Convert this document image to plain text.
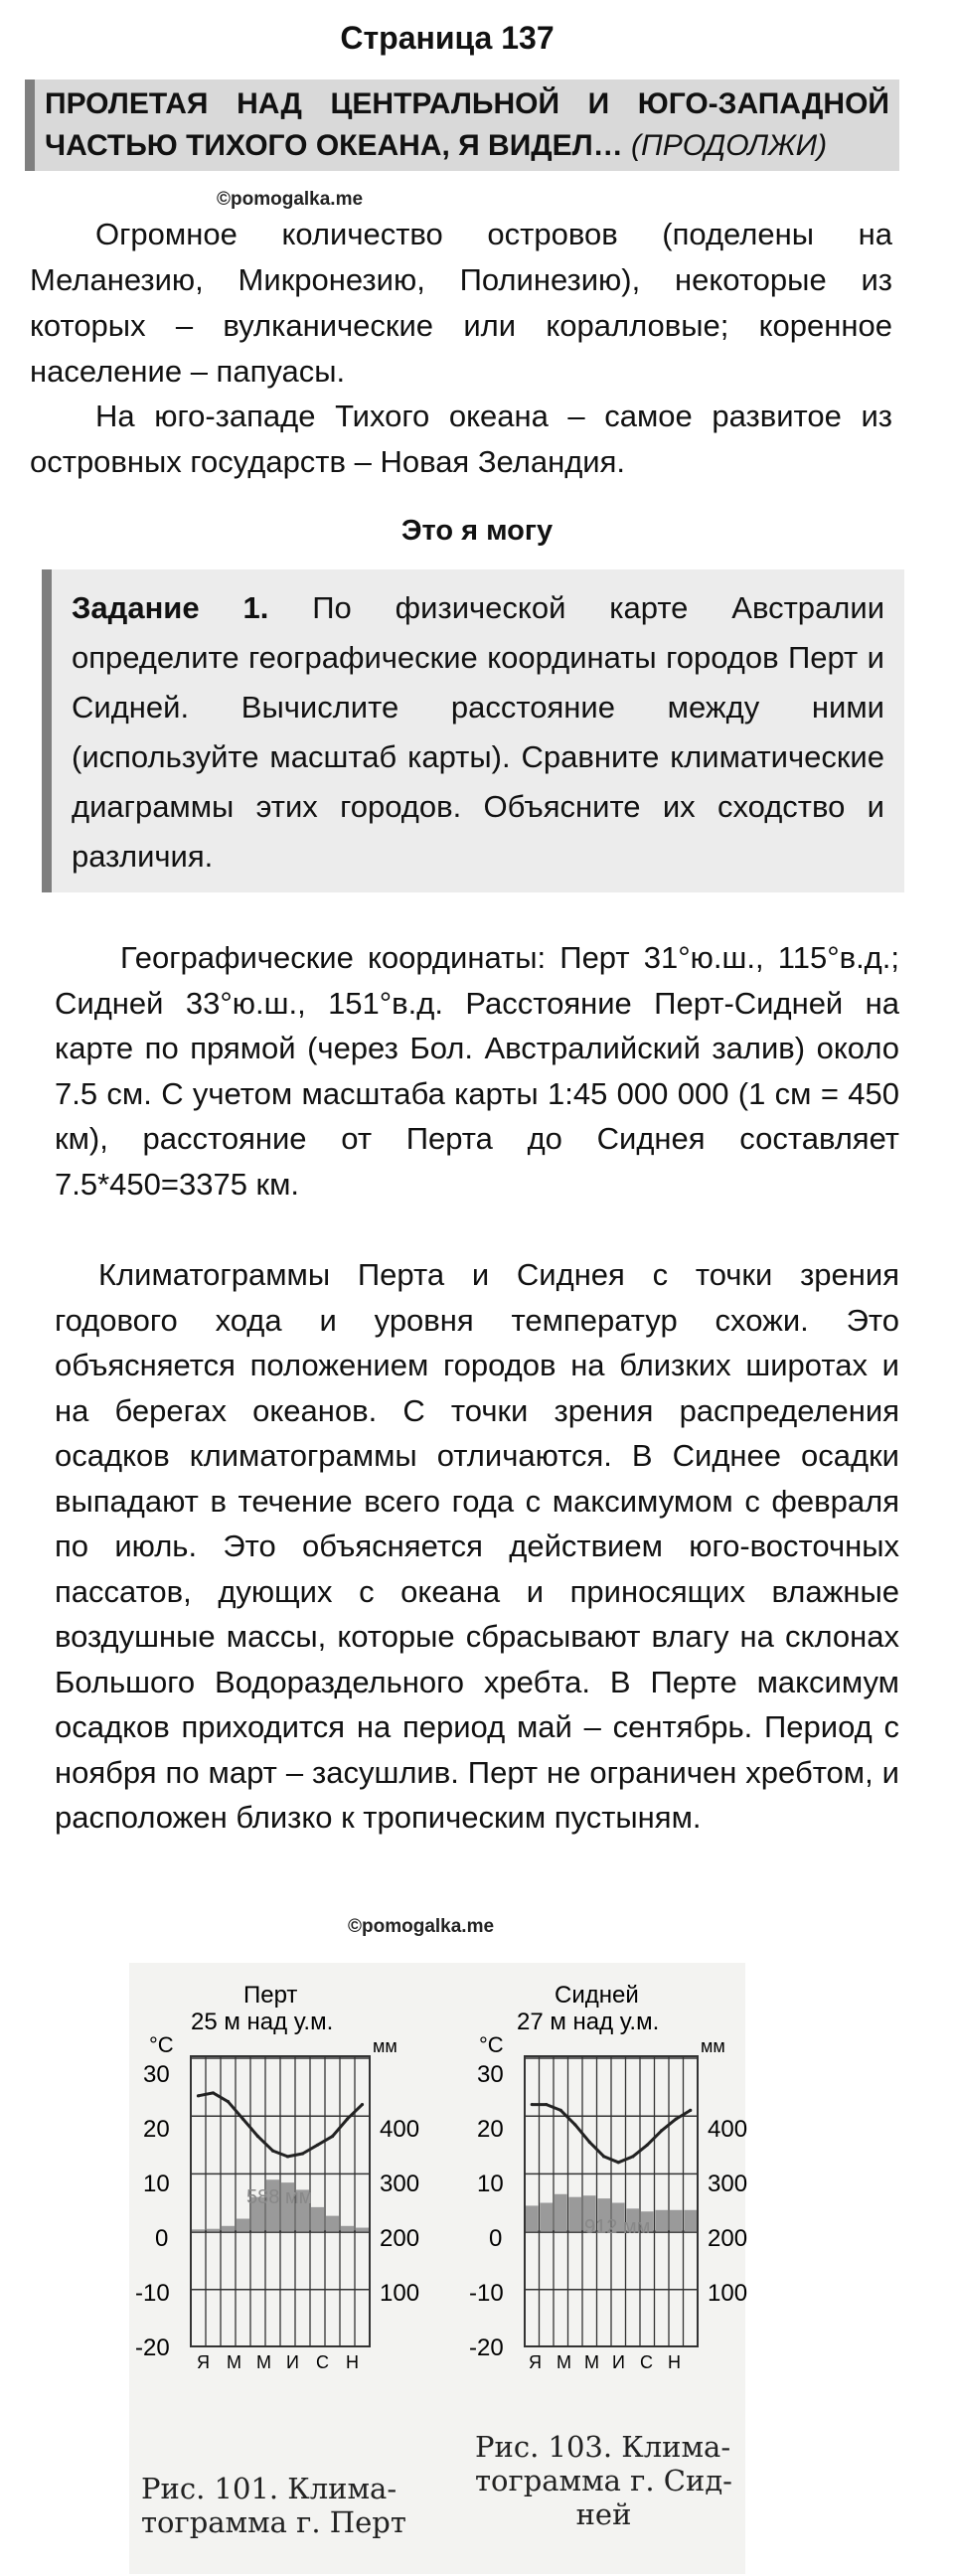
Страница 137
ПРОЛЕТАЯ НАД ЦЕНТРАЛЬНОЙ И ЮГО-ЗАПАДНОЙ ЧАСТЬЮ ТИХОГО ОКЕАНА, Я ВИДЕЛ… (ПРОДОЛЖИ)
©pomogalka.me

Огромное количество островов (поделены на Меланезию, Микронезию, Полинезию), некоторые из которых – вулканические или коралловые; коренное население – папуасы.

На юго-западе Тихого океана – самое развитое из островных государств – Новая Зеландия.

Это я могу
Задание 1. По физической карте Австралии определите географические координаты городов Перт и Сидней. Вычислите расстояние между ними (используйте масштаб карты). Сравните климатические диаграммы этих городов. Объясните их сходство и различия.

Географические координаты: Перт 31°ю.ш., 115°в.д.; Сидней 33°ю.ш., 151°в.д. Расстояние Перт-Сидней на карте по прямой (через Бол. Австралийский залив) около 7.5 см. С учетом масштаба карты 1:45 000 000 (1 см = 450 км), расстояние от Перта до Сиднея составляет 7.5*450=3375 км.

Климатограммы Перта и Сиднея с точки зрения годового хода и уровня температур схожи. Это объясняется положением городов на близких широтах и на берегах океанов. С точки зрения распределения осадков климатограммы отличаются. В Сиднее осадки выпадают в течение всего года с максимумом с февраля по июль. Это объясняется действием юго-восточных пассатов, дующих с океана и приносящих влажные воздушные массы, которые сбрасывают влагу на склонах Большого Водораздельного хребта. В Перте максимум осадков приходится на период май – сентябрь. Период с ноября по март – засушлив. Перт не ограничен хребтом, и расположен близко к тропическим пустыням.

©pomogalka.me
Перт
25 м над у.м.
°C	мм
30
20
10
0
-10
-20
400
300
200
100
588 мм
Я М М И С Н
Сидней
27 м над у.м.
°C	мм
30
20
10
0
-10
-20
400
300
200
100
912 мм
Я М М И С Н
Рис. 101. Клима-
тограмма г. Перт
Рис. 103. Клима-
тограмма г. Сид-
ней
